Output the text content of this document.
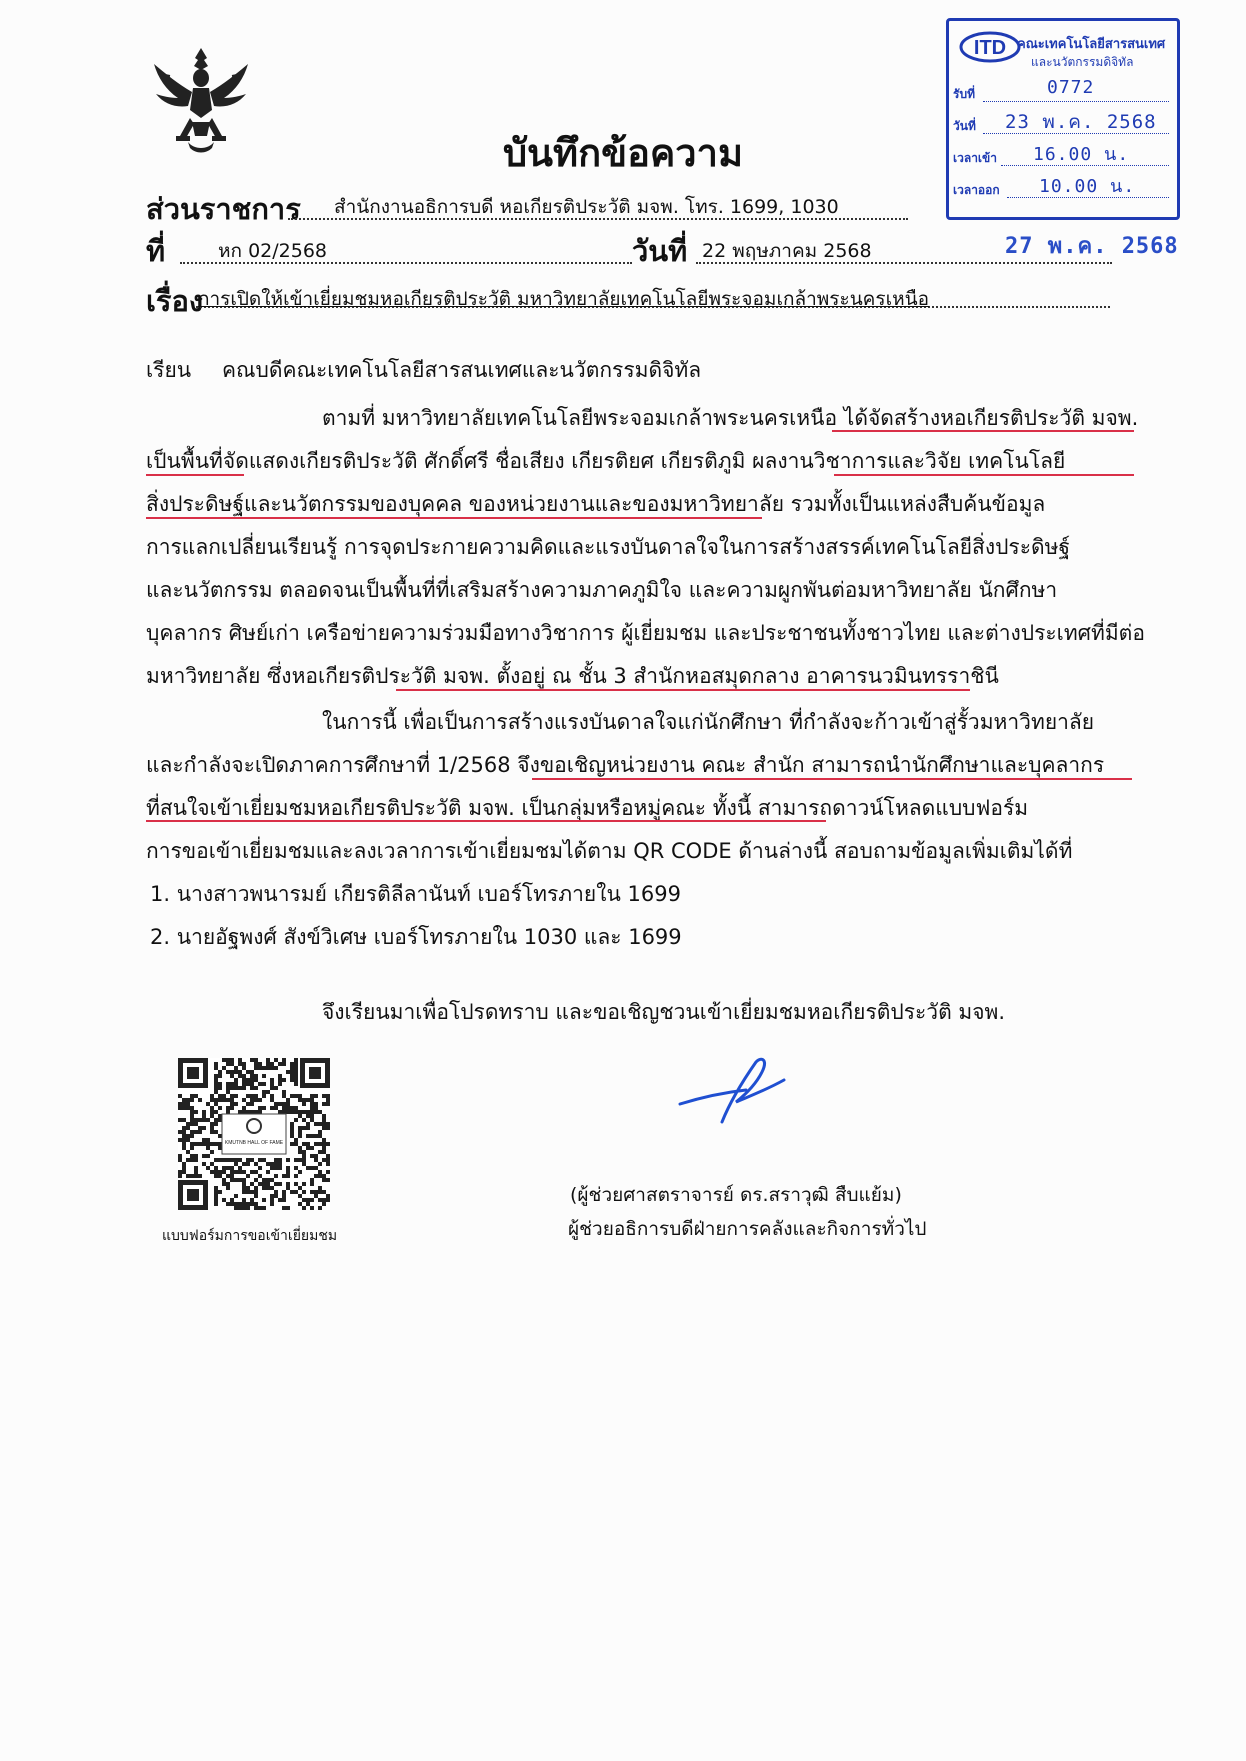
บันทึกข้อความ
ITD คณะเทคโนโลยีสารสนเทศ
และนวัตกรรมดิจิทัล
รับที่	0772
วันที่ 23 พ.ค. 2568
เวลาเข้า 16.00 น.
เวลาออก 10.00 น.
ส่วนราชการ สำนักงานอธิการบดี หอเกียรติประวัติ มจพ. โทร. 1699, 1030
ที่	หก 02/2568	วันที่ 22 พฤษภาคม 2568	27 พ.ค. 2568
เรื่อง
การเปิดให้เข้าเยี่ยมชมหอเกียรติประวัติ มหาวิทยาลัยเทคโนโลยีพระจอมเกล้าพระนครเหนือ
เรียน คณบดีคณะเทคโนโลยีสารสนเทศและนวัตกรรมดิจิทัล
ตามที่ มหาวิทยาลัยเทคโนโลยีพระจอมเกล้าพระนครเหนือ ได้จัดสร้างหอเกียรติประวัติ มจพ.
เป็นพื้นที่จัดแสดงเกียรติประวัติ ศักดิ์ศรี ชื่อเสียง เกียรติยศ เกียรติภูมิ ผลงานวิชาการและวิจัย เทคโนโลยี
สิ่งประดิษฐ์และนวัตกรรมของบุคคล ของหน่วยงานและของมหาวิทยาลัย รวมทั้งเป็นแหล่งสืบค้นข้อมูล
การแลกเปลี่ยนเรียนรู้ การจุดประกายความคิดและแรงบันดาลใจในการสร้างสรรค์เทคโนโลยีสิ่งประดิษฐ์
และนวัตกรรม ตลอดจนเป็นพื้นที่ที่เสริมสร้างความภาคภูมิใจ และความผูกพันต่อมหาวิทยาลัย นักศึกษา
บุคลากร ศิษย์เก่า เครือข่ายความร่วมมือทางวิชาการ ผู้เยี่ยมชม และประชาชนทั้งชาวไทย และต่างประเทศที่มีต่อ
มหาวิทยาลัย ซึ่งหอเกียรติประวัติ มจพ. ตั้งอยู่ ณ ชั้น 3 สำนักหอสมุดกลาง อาคารนวมินทรราชินี
ในการนี้ เพื่อเป็นการสร้างแรงบันดาลใจแก่นักศึกษา ที่กำลังจะก้าวเข้าสู่รั้วมหาวิทยาลัย
และกำลังจะเปิดภาคการศึกษาที่ 1/2568 จึงขอเชิญหน่วยงาน คณะ สำนัก สามารถนำนักศึกษาและบุคลากร
ที่สนใจเข้าเยี่ยมชมหอเกียรติประวัติ มจพ. เป็นกลุ่มหรือหมู่คณะ ทั้งนี้ สามารถดาวน์โหลดแบบฟอร์ม
การขอเข้าเยี่ยมชมและลงเวลาการเข้าเยี่ยมชมได้ตาม QR CODE ด้านล่างนี้ สอบถามข้อมูลเพิ่มเติมได้ที่
1. นางสาวพนารมย์ เกียรติลีลานันท์ เบอร์โทรภายใน 1699
2. นายอัฐพงศ์ สังข์วิเศษ เบอร์โทรภายใน 1030 และ 1699
จึงเรียนมาเพื่อโปรดทราบ และขอเชิญชวนเข้าเยี่ยมชมหอเกียรติประวัติ มจพ.
KMUTNB HALL OF FAME
แบบฟอร์มการขอเข้าเยี่ยมชม
(ผู้ช่วยศาสตราจารย์ ดร.สราวุฒิ สืบแย้ม)
ผู้ช่วยอธิการบดีฝ่ายการคลังและกิจการทั่วไป
